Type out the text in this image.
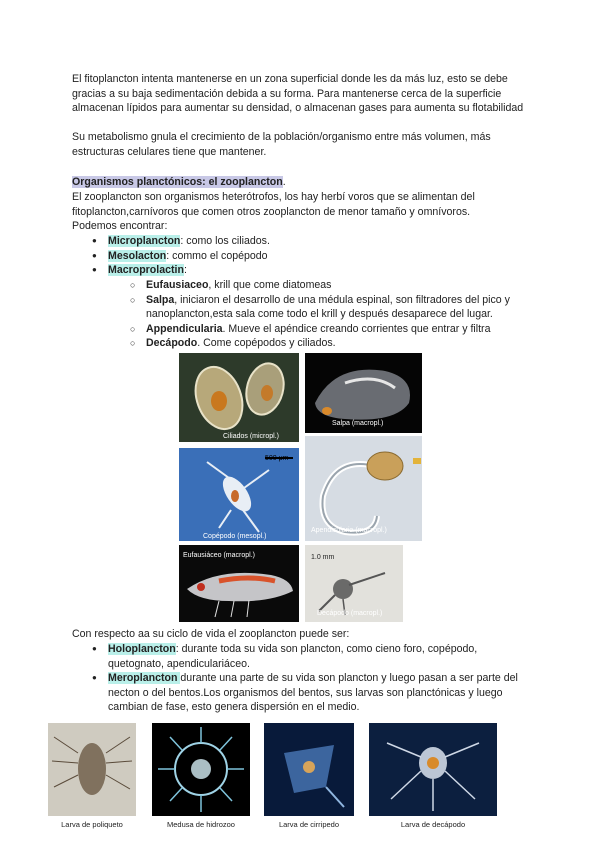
El fitoplancton intenta mantenerse en un zona superficial donde les da más luz, esto se debe gracias a su baja sedimentación debida a su forma. Para mantenerse cerca de la superficie almacenan lípidos para aumentar su densidad, o almacenan gases para aumenta su flotabilidad

Su metabolismo gnula el crecimiento de la población/organismo entre más volumen, más estructuras celulares tiene que mantener.

Organismos planctónicos: el zooplancton.

El zooplancton son organismos heterótrofos, los hay herbí voros que se alimentan del fitoplancton,carnívoros que comen otros zooplancton de menor tamaño y omnívoros.

Podemos encontrar:

● Microplancton: como los ciliados.
● Mesolacton: commo el copépodo
● Macroprolactin:
○ Eufausiaceo, krill que come diatomeas
○ Salpa, iniciaron el desarrollo de una médula espinal, son filtradores del pico y nanoplancton,esta sala come todo el krill y después desaparece del lugar.
○ Appendicularia. Mueve el apéndice creando corrientes que entrar y filtra
○ Decápodo. Come copépodos y ciliados.
Ciliados (micropl.)
Salpa (macropl.)
500 μm
Copépodo (mesopl.)
Apendicularia (macropl.)
Eufausiáceo (macropl.)	1.0 mm
Decápodo (macropl.)

Con respecto aa su ciclo de vida el zooplancton puede ser:

● Holoplancton: durante toda su vida son plancton, como cieno foro, copépodo, quetognato, apendiculariáceo.
● Meroplancton durante una parte de su vida son plancton y luego pasan a ser parte del necton o del bentos.Los organismos del bentos, sus larvas son planctónicas y luego cambian de fase, esto genera dispersión en el medio.
Larva de poliqueto	Medusa de hidrozoo	Larva de cirripedo	Larva de decápodo
